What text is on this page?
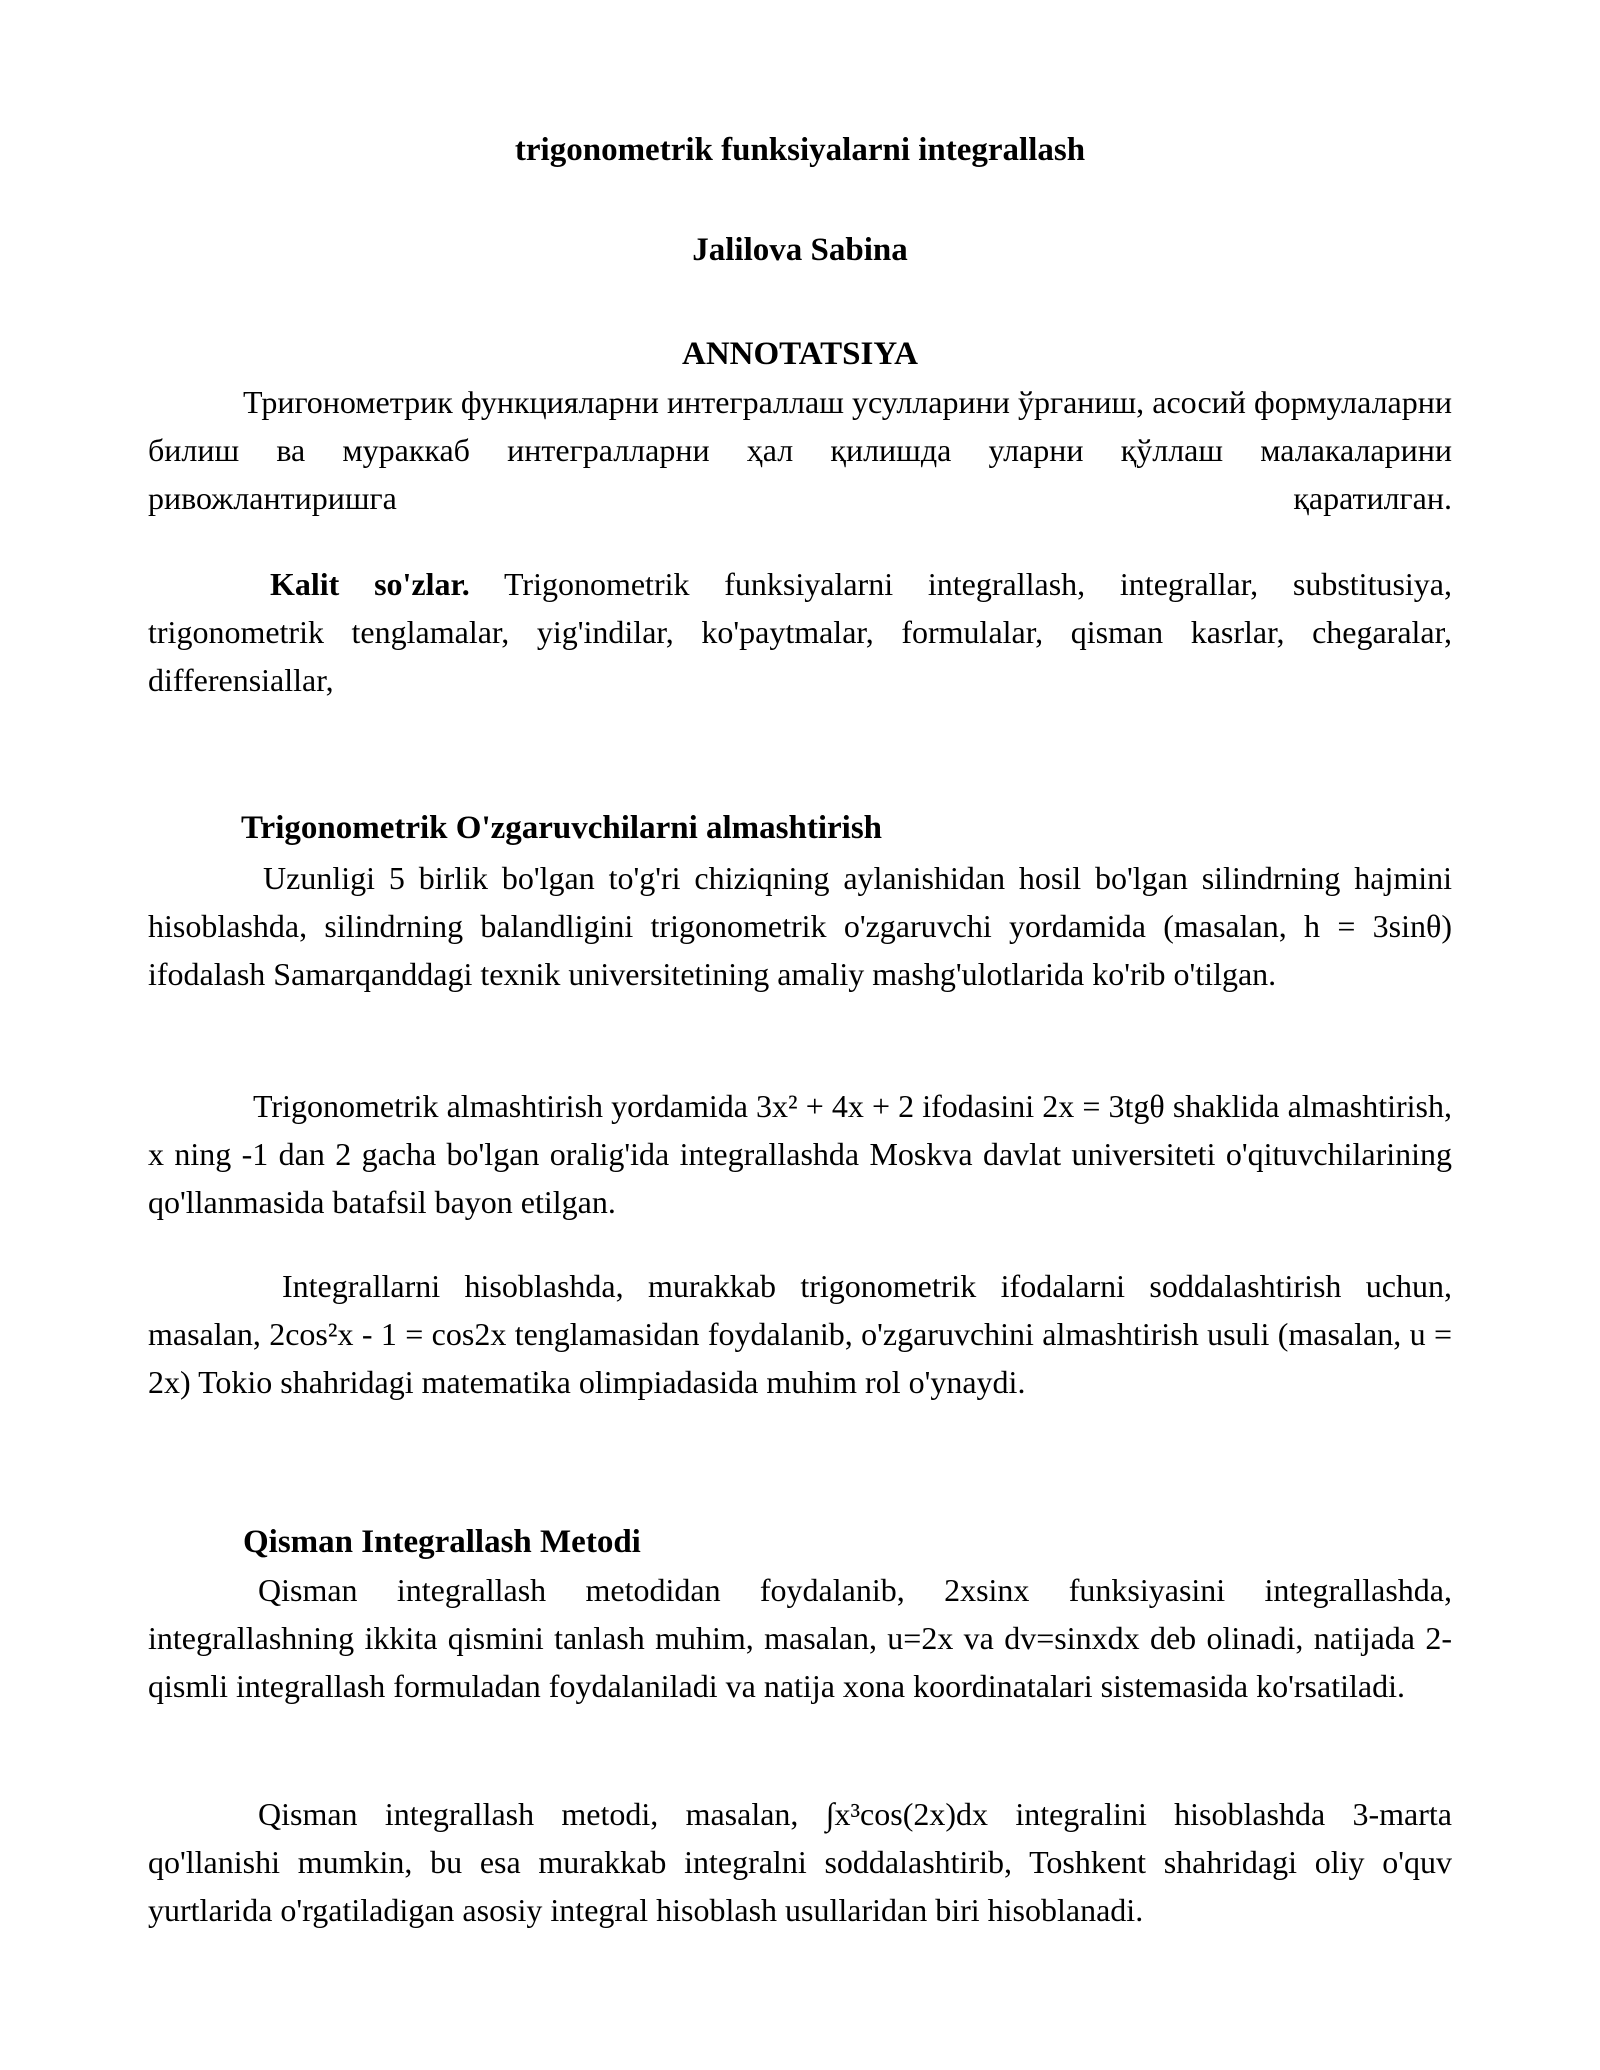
trigonometrik funksiyalarni integrallash
Jalilova Sabina
ANNOTATSIYA
Тригонометрик функцияларни интеграллаш усулларини ўрганиш, асосий формулаларни билиш ва мураккаб интегралларни ҳал қилишда уларни қўллаш малакаларини ривожлантиришга қаратилган.
Kalit so'zlar. Trigonometrik funksiyalarni integrallash, integrallar, substitusiya, trigonometrik tenglamalar, yig'indilar, ko'paytmalar, formulalar, qisman kasrlar, chegaralar, differensiallar,
Trigonometrik O'zgaruvchilarni almashtirish
Uzunligi 5 birlik bo'lgan to'g'ri chiziqning aylanishidan hosil bo'lgan silindrning hajmini hisoblashda, silindrning balandligini trigonometrik o'zgaruvchi yordamida (masalan, h = 3sinθ) ifodalash Samarqanddagi texnik universitetining amaliy mashg'ulotlarida ko'rib o'tilgan.
Trigonometrik almashtirish yordamida 3x² + 4x + 2 ifodasini 2x = 3tgθ shaklida almashtirish, x ning -1 dan 2 gacha bo'lgan oralig'ida integrallashda Moskva davlat universiteti o'qituvchilarining qo'llanmasida batafsil bayon etilgan.
Integrallarni hisoblashda, murakkab trigonometrik ifodalarni soddalashtirish uchun, masalan, 2cos²x - 1 = cos2x tenglamasidan foydalanib, o'zgaruvchini almashtirish usuli (masalan, u = 2x) Tokio shahridagi matematika olimpiadasida muhim rol o'ynaydi.
Qisman Integrallash Metodi
Qisman integrallash metodidan foydalanib, 2xsinx funksiyasini integrallashda, integrallashning ikkita qismini tanlash muhim, masalan, u=2x va dv=sinxdx deb olinadi, natijada 2-qismli integrallash formuladan foydalaniladi va natija xona koordinatalari sistemasida ko'rsatiladi.
Qisman integrallash metodi, masalan, ∫x³cos(2x)dx integralini hisoblashda 3-marta qo'llanishi mumkin, bu esa murakkab integralni soddalashtirib, Toshkent shahridagi oliy o'quv yurtlarida o'rgatiladigan asosiy integral hisoblash usullaridan biri hisoblanadi.
